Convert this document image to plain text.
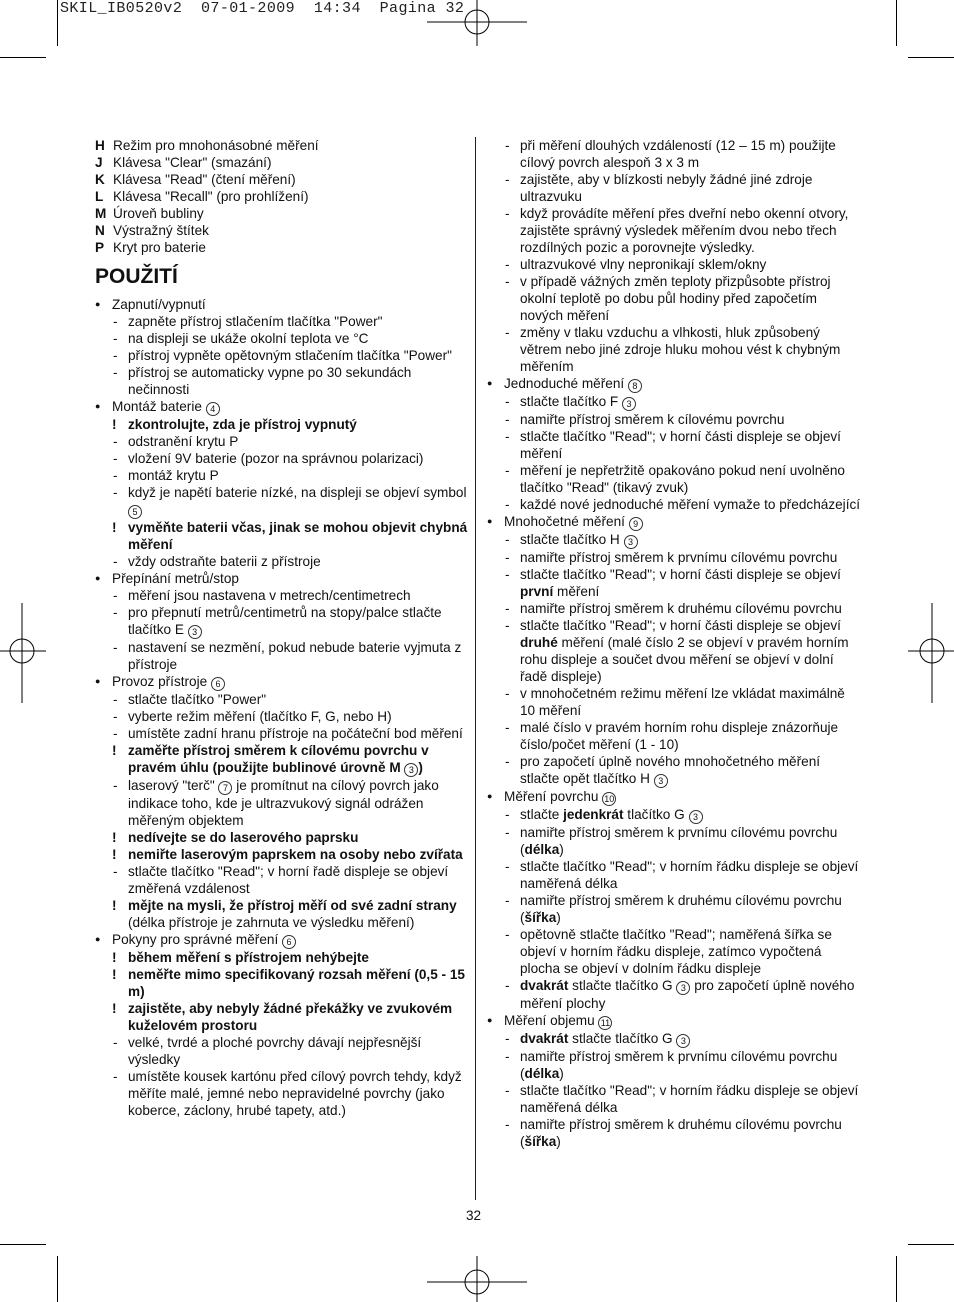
SKIL_IB0520v2  07-01-2009  14:34  Pagina 32
H Režim pro mnohonásobné měření
J Klávesa "Clear" (smazání)
K Klávesa "Read" (čtení měření)
L Klávesa "Recall" (pro prohlížení)
M Úroveň bubliny
N Výstražný štítek
P Kryt pro baterie
POUŽITÍ
● Zapnutí/vypnutí
- zapněte přístroj stlačením tlačítka "Power"
- na displeji se ukáže okolní teplota ve °C
- přístroj vypněte opětovným stlačením tlačítka "Power"
- přístroj se automaticky vypne po 30 sekundách nečinnosti
● Montáž baterie 4
! zkontrolujte, zda je přístroj vypnutý
- odstranění krytu P
- vložení 9V baterie (pozor na správnou polarizaci)
- montáž krytu P
- když je napětí baterie nízké, na displeji se objeví symbol 5
! vyměňte baterii včas, jinak se mohou objevit chybná měření
- vždy odstraňte baterii z přístroje
● Přepínání metrů/stop
- měření jsou nastavena v metrech/centimetrech
- pro přepnutí metrů/centimetrů na stopy/palce stlačte tlačítko E 3
- nastavení se nezmění, pokud nebude baterie vyjmuta z přístroje
● Provoz přístroje 6
- stlačte tlačítko "Power"
- vyberte režim měření (tlačítko F, G, nebo H)
- umístěte zadní hranu přístroje na počáteční bod měření
! zaměřte přístroj směrem k cílovému povrchu v pravém úhlu (použijte bublinové úrovně M 3 )
- laserový "terč" 7 je promítnut na cílový povrch jako indikace toho, kde je ultrazvukový signál odrážen měřeným objektem
! nedívejte se do laserového paprsku
! nemiřte laserovým paprskem na osoby nebo zvířata
- stlačte tlačítko "Read"; v horní řadě displeje se objeví změřená vzdálenost
! mějte na mysli, že přístroj měří od své zadní strany (délka přístroje je zahrnuta ve výsledku měření)
● Pokyny pro správné měření 6
! během měření s přístrojem nehýbejte
! neměřte mimo specifikovaný rozsah měření (0,5 - 15 m)
! zajistěte, aby nebyly žádné překážky ve zvukovém kuželovém prostoru
- velké, tvrdé a ploché povrchy dávají nejpřesnější výsledky
- umístěte kousek kartónu před cílový povrch tehdy, když měříte malé, jemné nebo nepravidelné povrchy (jako koberce, záclony, hrubé tapety, atd.)
- při měření dlouhých vzdáleností (12 – 15 m) použijte cílový povrch alespoň 3 x 3 m
- zajistěte, aby v blízkosti nebyly žádné jiné zdroje ultrazvuku
- když provádíte měření přes dveřní nebo okenní otvory, zajistěte správný výsledek měřením dvou nebo třech rozdílných pozic a porovnejte výsledky.
- ultrazvukové vlny nepronikají sklem/okny
- v případě vážných změn teploty přizpůsobte přístroj okolní teplotě po dobu půl hodiny před započetím nových měření
- změny v tlaku vzduchu a vlhkosti, hluk způsobený větrem nebo jiné zdroje hluku mohou vést k chybným měřením
● Jednoduché měření 8
- stlačte tlačítko F 3
- namiřte přístroj směrem k cílovému povrchu
- stlačte tlačítko "Read"; v horní části displeje se objeví měření
- měření je nepřetržitě opakováno pokud není uvolněno tlačítko "Read" (tikavý zvuk)
- každé nové jednoduché měření vymaže to předcházející
● Mnohočetné měření 9
- stlačte tlačítko H 3
- namiřte přístroj směrem k prvnímu cílovému povrchu
- stlačte tlačítko "Read"; v horní části displeje se objeví první měření
- namiřte přístroj směrem k druhému cílovému povrchu
- stlačte tlačítko "Read"; v horní části displeje se objeví druhé měření (malé číslo 2 se objeví v pravém horním rohu displeje a součet dvou měření se objeví v dolní řadě displeje)
- v mnohočetném režimu měření lze vkládat maximálně 10 měření
- malé číslo v pravém horním rohu displeje znázorňuje číslo/počet měření (1 - 10)
- pro započetí úplně nového mnohočetného měření stlačte opět tlačítko H 3
● Měření povrchu 10
- stlačte jedenkrát tlačítko G 3
- namiřte přístroj směrem k prvnímu cílovému povrchu (délka)
- stlačte tlačítko "Read"; v horním řádku displeje se objeví naměřená délka
- namiřte přístroj směrem k druhému cílovému povrchu (šířka)
- opětovně stlačte tlačítko "Read"; naměřená šířka se objeví v horním řádku displeje, zatímco vypočtená plocha se objeví v dolním řádku displeje
- dvakrát stlačte tlačítko G 3 pro započetí úplně nového měření plochy
● Měření objemu 11
- dvakrát stlačte tlačítko G 3
- namiřte přístroj směrem k prvnímu cílovému povrchu (délka)
- stlačte tlačítko "Read"; v horním řádku displeje se objeví naměřená délka
- namiřte přístroj směrem k druhému cílovému povrchu (šířka)
32
